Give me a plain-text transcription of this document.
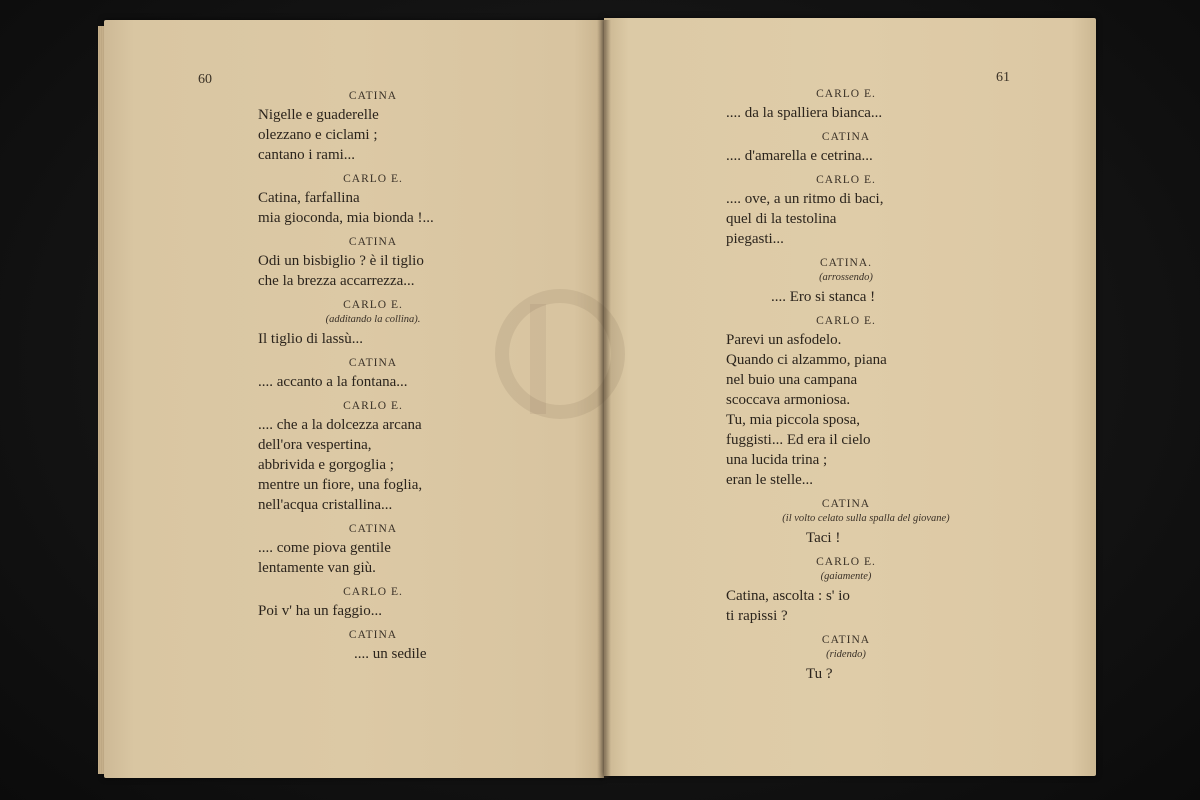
60
CATINA
Nigelle e guaderelle
olezzano e ciclami ;
cantano i rami...
CARLO E.
Catina, farfallina
mia gioconda, mia bionda !...
CATINA
Odi un bisbiglio ? è il tiglio
che la brezza accarrezza...
CARLO E.
(additando la collina).
Il tiglio di lassù...
CATINA
.... accanto a la fontana...
CARLO E.
.... che a la dolcezza arcana
dell'ora vespertina,
abbrivida e gorgoglia ;
mentre un fiore, una foglia,
nell'acqua cristallina...
CATINA
.... come piova gentile
lentamente van giù.
CARLO E.
Poi v' ha un faggio...
CATINA
.... un sedile
61
CARLO E.
.... da la spalliera bianca...
CATINA
.... d'amarella e cetrina...
CARLO E.
.... ove, a un ritmo di baci,
quel di la testolina
piegasti...
CATINA.
(arrossendo)
.... Ero si stanca !
CARLO E.
Parevi un asfodelo.
Quando ci alzammo, piana
nel buio una campana
scoccava armoniosa.
Tu, mia piccola sposa,
fuggisti... Ed era il cielo
una lucida trina ;
eran le stelle...
CATINA
(il volto celato sulla spalla del giovane)
Taci !
CARLO E.
(gaiamente)
Catina, ascolta : s' io
ti rapissi ?
CATINA
(ridendo)
Tu ?
